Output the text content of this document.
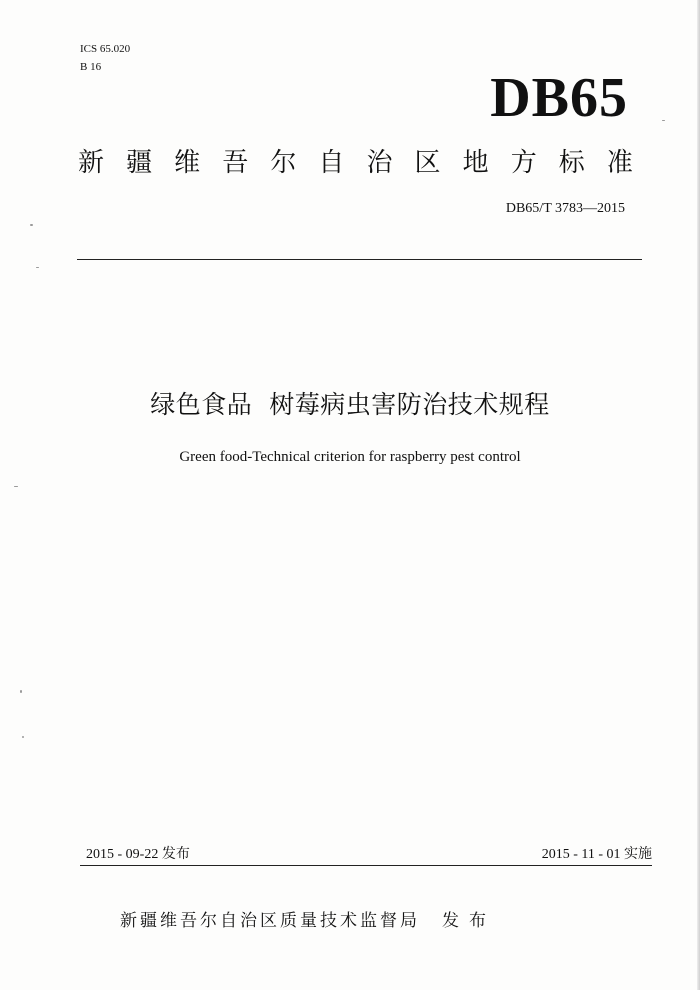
ICS 65.020
B 16	DB65
新 疆 维 吾 尔 自 治 区 地 方 标 准
DB65/T 3783—2015
绿色食品  树莓病虫害防治技术规程
Green food-Technical criterion for raspberry pest control
2015 - 09-22 发布	2015 - 11 - 01 实施
新疆维吾尔自治区质量技术监督局 发布
